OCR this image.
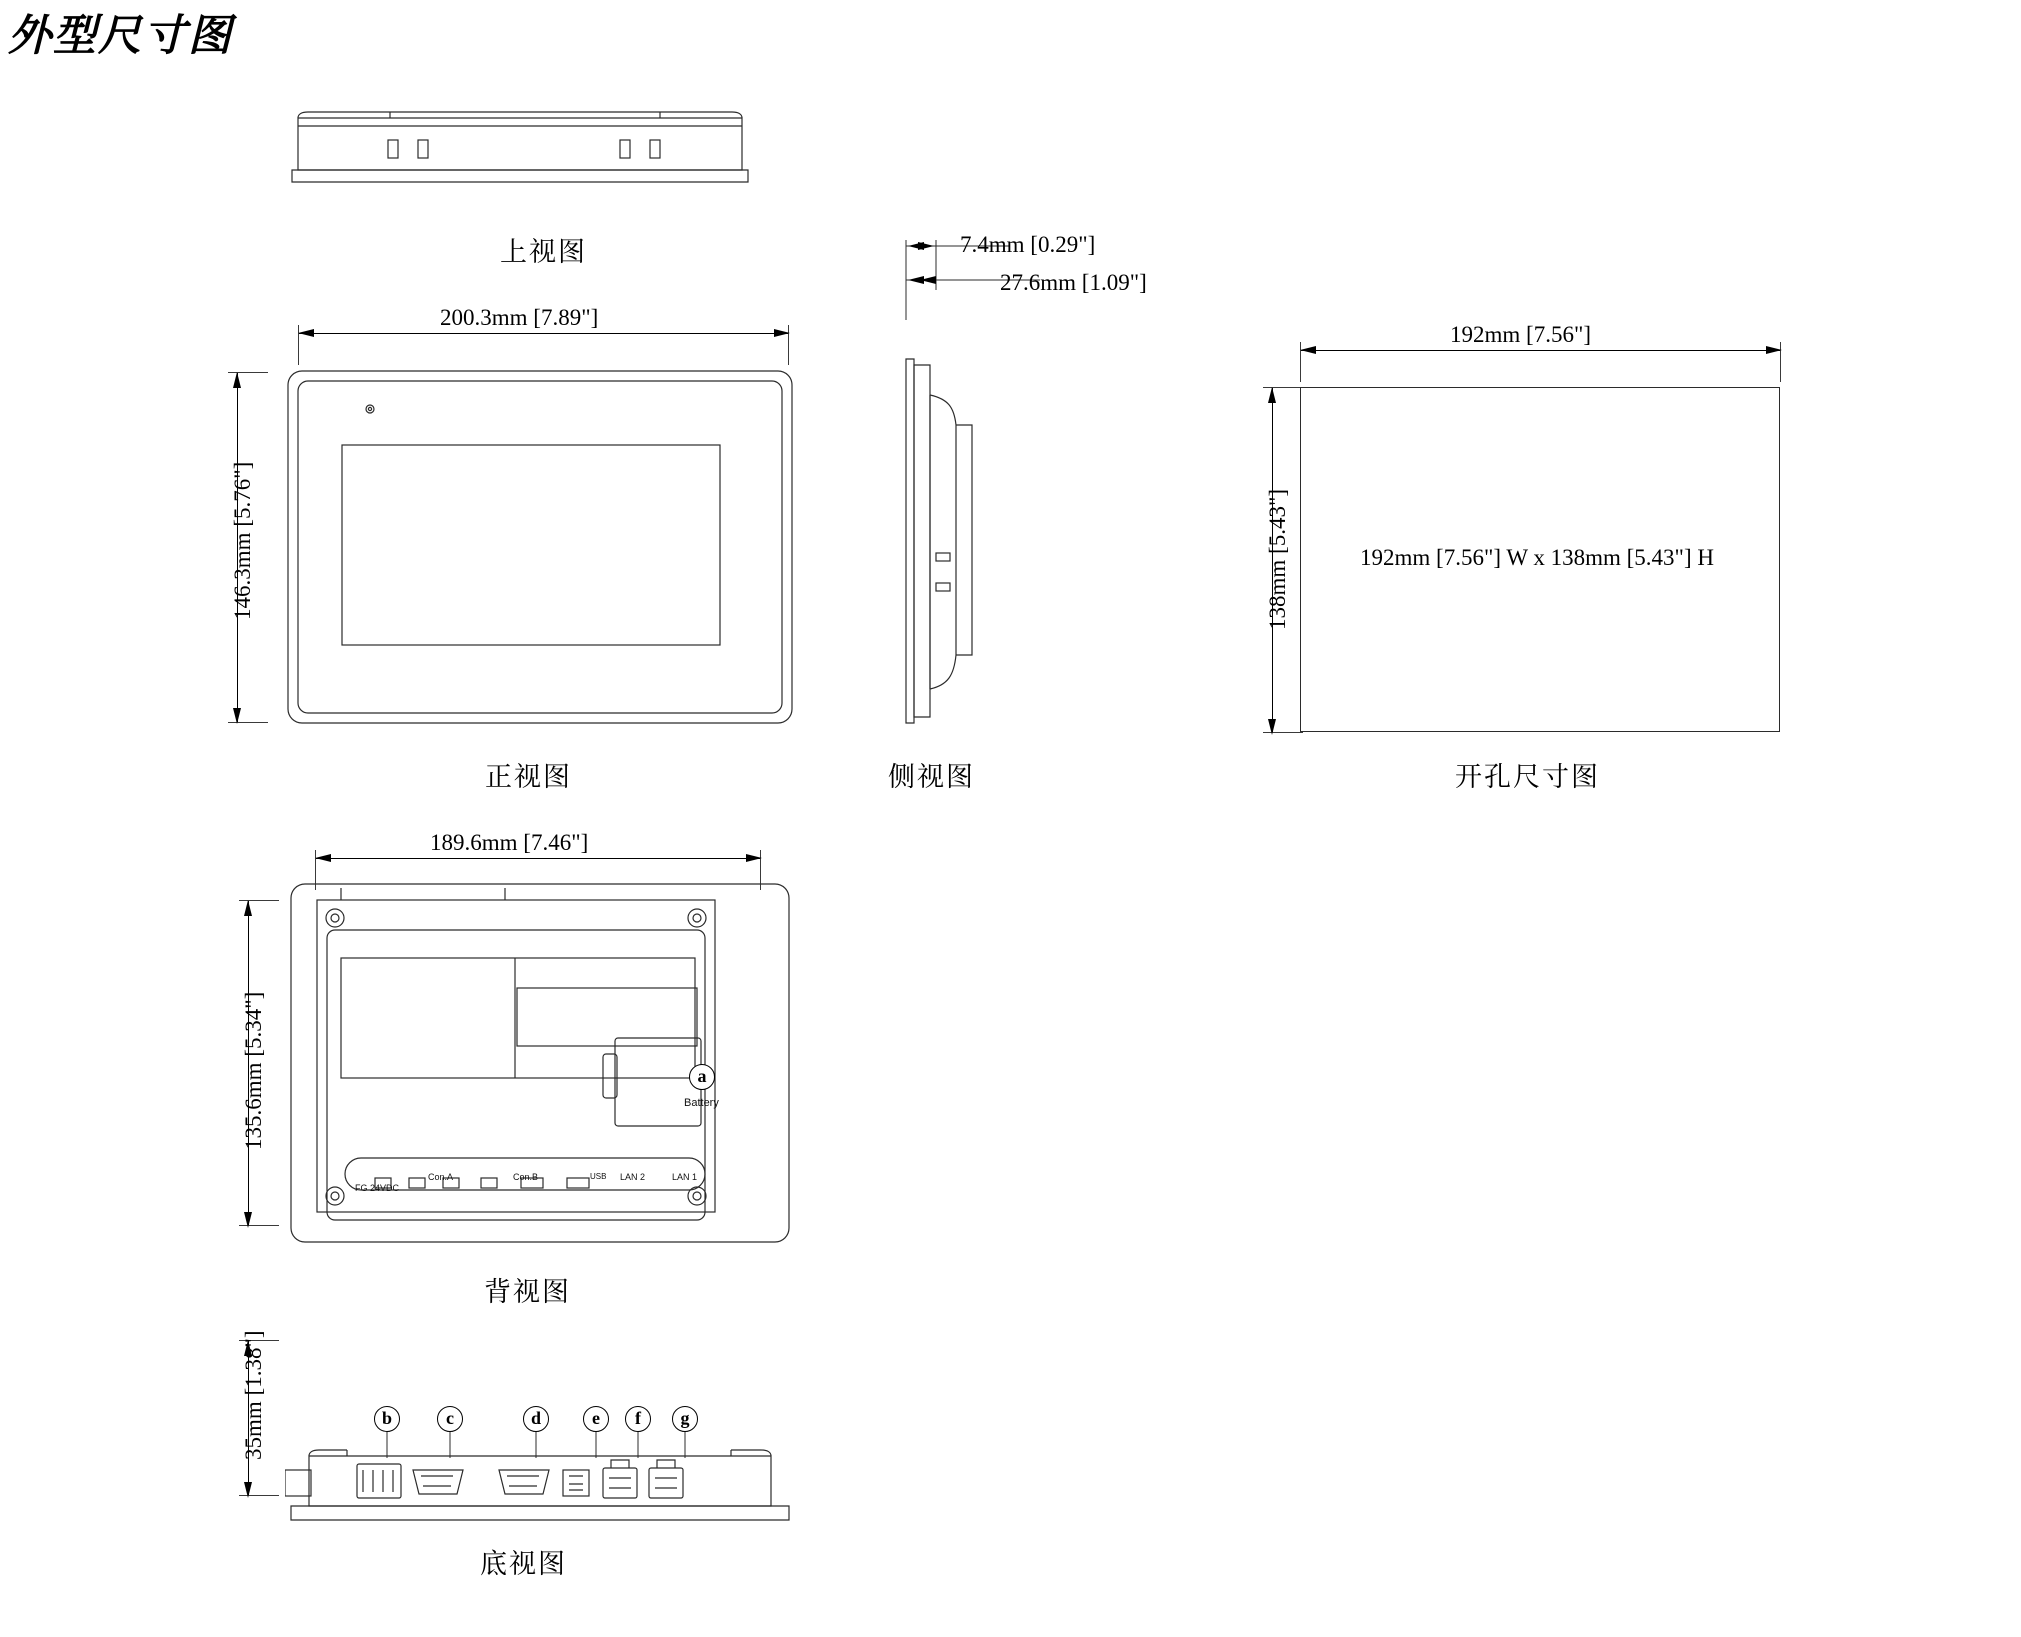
外型尺寸图
上视图
200.3mm [7.89"]
146.3mm [5.76"]
正视图
7.4mm [0.29"]
27.6mm [1.09"]
侧视图
192mm [7.56"]
138mm [5.43"]	192mm [7.56"] W x 138mm [5.43"] H
开孔尺寸图
189.6mm [7.46"]
135.6mm [5.34"]	a
Battery
FG 24VDC
Con.A	Con.B	USB LAN 2	LAN 1
背视图
35mm [1.38"]	b	c	d	e	f	g
底视图
